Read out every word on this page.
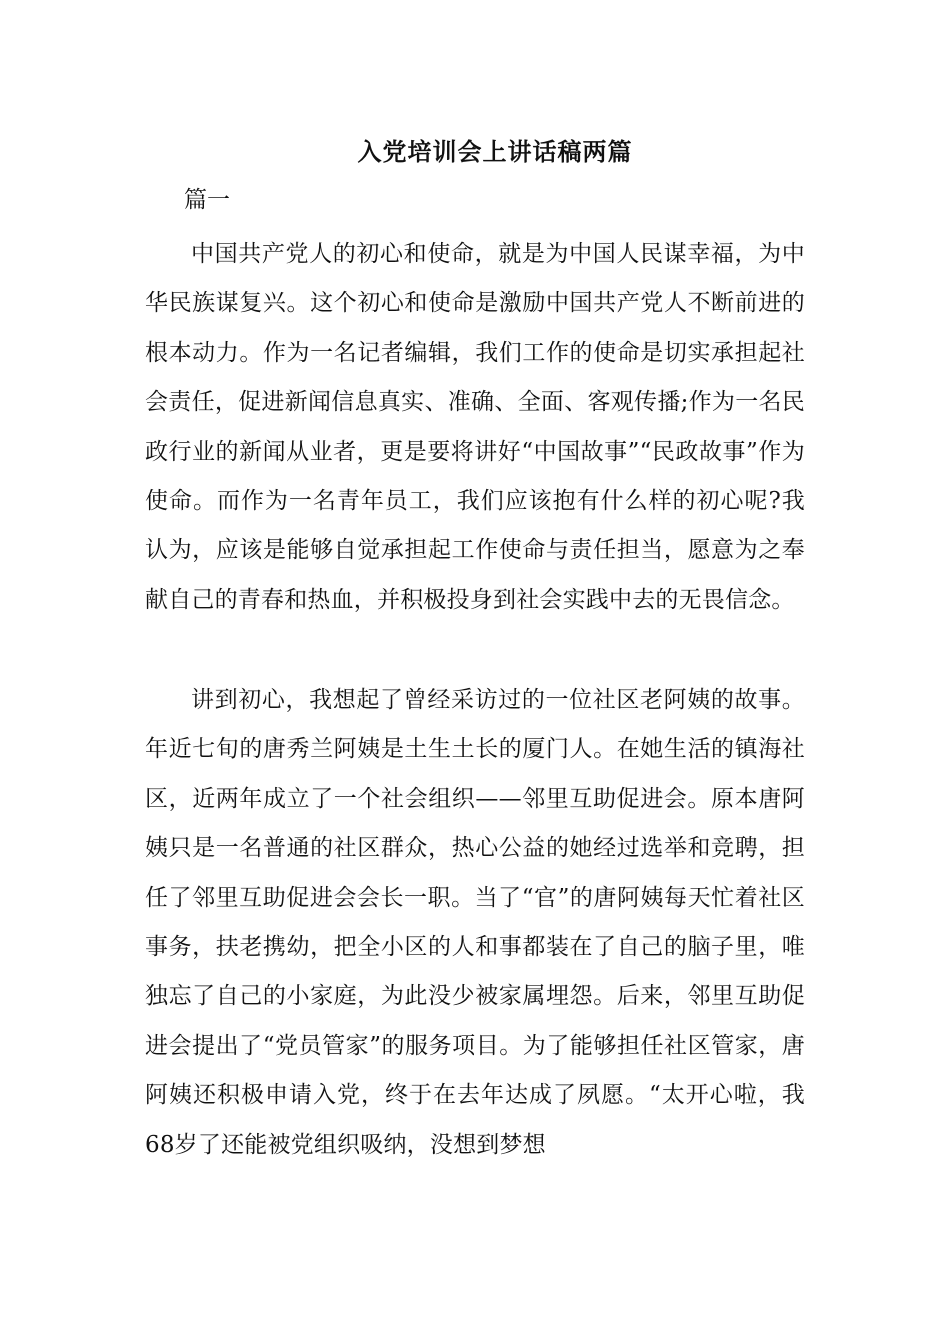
入党培训会上讲话稿两篇

篇一

中国共产党人的初心和使命，就是为中国人民谋幸福，为中华民族谋复兴。这个初心和使命是激励中国共产党人不断前进的根本动力。作为一名记者编辑，我们工作的使命是切实承担起社会责任，促进新闻信息真实、准确、全面、客观传播;作为一名民政行业的新闻从业者，更是要将讲好“中国故事”“民政故事”作为使命。而作为一名青年员工，我们应该抱有什么样的初心呢?我认为，应该是能够自觉承担起工作使命与责任担当，愿意为之奉献自己的青春和热血，并积极投身到社会实践中去的无畏信念。

讲到初心，我想起了曾经采访过的一位社区老阿姨的故事。年近七旬的唐秀兰阿姨是土生土长的厦门人。在她生活的镇海社区，近两年成立了一个社会组织——邻里互助促进会。原本唐阿姨只是一名普通的社区群众，热心公益的她经过选举和竞聘，担任了邻里互助促进会会长一职。当了“官”的唐阿姨每天忙着社区事务，扶老携幼，把全小区的人和事都装在了自己的脑子里，唯独忘了自己的小家庭，为此没少被家属埋怨。后来，邻里互助促进会提出了“党员管家”的服务项目。为了能够担任社区管家，唐阿姨还积极申请入党，终于在去年达成了夙愿。“太开心啦，我68岁了还能被党组织吸纳，没想到梦想
